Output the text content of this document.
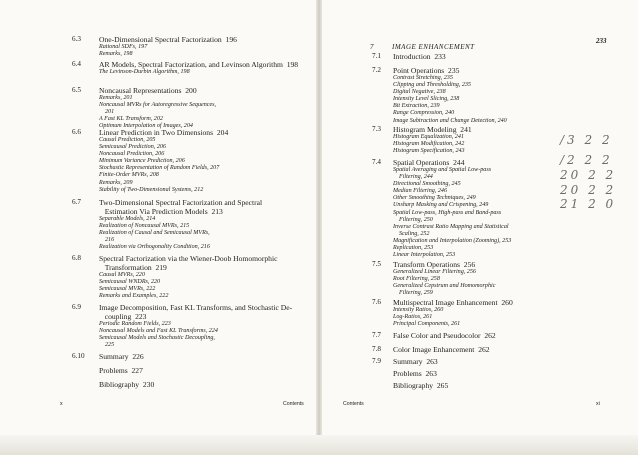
7	IMAGE ENHANCEMENT
233
x	Contents	Contents	xi
/3 2 2
/2 2 2
20 2 2
20 2 2
21 2 0
6.3	One-Dimensional Spectral Factorization  196
Rational SDFs, 197
Remarks, 198
6.4	AR Models, Spectral Factorization, and Levinson Algorithm  198
The Levinson-Durbin Algorithm, 198
6.5	Noncausal Representations  200
Remarks, 201
Noncausal MVRs for Autoregressive Sequences,
201
A Fast KL Transform, 202
Optimum Interpolation of Images, 204
6.6	Linear Prediction in Two Dimensions  204
Causal Prediction, 205
Semicausal Prediction, 206
Noncausal Prediction, 206
Minimum Variance Prediction, 206
Stochastic Representation of Random Fields, 207
Finite-Order MVRs, 208
Remarks, 209
Stability of Two-Dimensional Systems, 212
6.7	Two-Dimensional Spectral Factorization and Spectral
Estimation Via Prediction Models  213
Separable Models, 214
Realization of Noncausal MVRs, 215
Realization of Causal and Semicausal MVRs,
216
Realization via Orthogonality Condition, 216
6.8	Spectral Factorization via the Wiener-Doob Homomorphic
Transformation  219
Causal MVRs, 220
Semicausal WNDRs, 220
Semicausal MVRs, 222
Remarks and Examples, 222
6.9	Image Decomposition, Fast KL Transforms, and Stochastic De-
coupling  223
Periodic Random Fields, 223
Noncausal Models and Fast KL Transforms, 224
Semicausal Models and Stochastic Decoupling,
225
6.10	Summary  226
Problems  227
Bibliography  230
7.1	Introduction  233
7.2	Point Operations  235
Contrast Stretching, 235
Clipping and Thresholding, 235
Digital Negative, 238
Intensity Level Slicing, 238
Bit Extraction, 239
Range Compression, 240
Image Subtraction and Change Detection, 240
7.3	Histogram Modeling  241
Histogram Equalization, 241
Histogram Modification, 242
Histogram Specification, 243
7.4	Spatial Operations  244
Spatial Averaging and Spatial Low-pass
Filtering, 244
Directional Smoothing, 245
Median Filtering, 246
Other Smoothing Techniques, 249
Unsharp Masking and Crispening, 249
Spatial Low-pass, High-pass and Band-pass
Filtering, 250
Inverse Contrast Ratio Mapping and Statistical
Scaling, 252
Magnification and Interpolation (Zooming), 253
Replication, 253
Linear Interpolation, 253
7.5	Transform Operations  256
Generalized Linear Filtering, 256
Root Filtering, 258
Generalized Cepstrum and Homomorphic
Filtering, 259
7.6	Multispectral Image Enhancement  260
Intensity Ratios, 260
Log-Ratios, 261
Principal Components, 261
7.7	False Color and Pseudocolor  262
7.8	Color Image Enhancement  262
7.9	Summary  263
Problems  263
Bibliography  265
